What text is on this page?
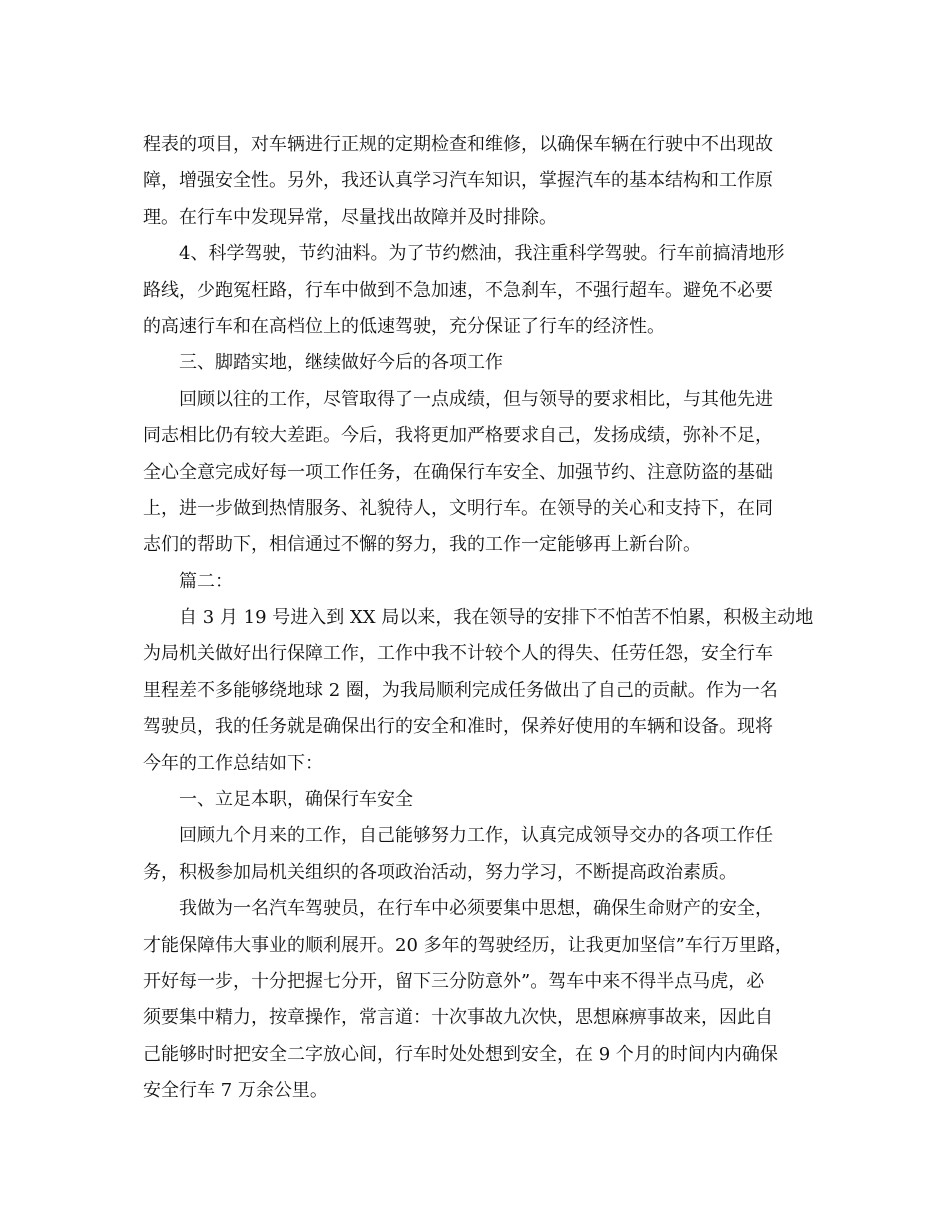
程表的项目，对车辆进行正规的定期检查和维修，以确保车辆在行驶中不出现故
障，增强安全性。另外，我还认真学习汽车知识，掌握汽车的基本结构和工作原
理。在行车中发现异常，尽量找出故障并及时排除。
4、科学驾驶，节约油料。为了节约燃油，我注重科学驾驶。行车前搞清地形
路线，少跑冤枉路，行车中做到不急加速，不急刹车，不强行超车。避免不必要
的高速行车和在高档位上的低速驾驶，充分保证了行车的经济性。
三、脚踏实地，继续做好今后的各项工作
回顾以往的工作，尽管取得了一点成绩，但与领导的要求相比，与其他先进
同志相比仍有较大差距。今后，我将更加严格要求自己，发扬成绩，弥补不足，
全心全意完成好每一项工作任务，在确保行车安全、加强节约、注意防盗的基础
上，进一步做到热情服务、礼貌待人，文明行车。在领导的关心和支持下，在同
志们的帮助下，相信通过不懈的努力，我的工作一定能够再上新台阶。
篇二：
自 3 月 19 号进入到 XX 局以来，我在领导的安排下不怕苦不怕累，积极主动地
为局机关做好出行保障工作，工作中我不计较个人的得失、任劳任怨，安全行车
里程差不多能够绕地球 2 圈，为我局顺利完成任务做出了自己的贡献。作为一名
驾驶员，我的任务就是确保出行的安全和准时，保养好使用的车辆和设备。现将
今年的工作总结如下：
一、立足本职，确保行车安全
回顾九个月来的工作，自己能够努力工作，认真完成领导交办的各项工作任
务，积极参加局机关组织的各项政治活动，努力学习，不断提高政治素质。
我做为一名汽车驾驶员，在行车中必须要集中思想，确保生命财产的安全，
才能保障伟大事业的顺利展开。20 多年的驾驶经历，让我更加坚信”车行万里路，
开好每一步，十分把握七分开，留下三分防意外”。驾车中来不得半点马虎，必
须要集中精力，按章操作，常言道：十次事故九次快，思想麻痹事故来，因此自
己能够时时把安全二字放心间，行车时处处想到安全，在 9 个月的时间内内确保
安全行车 7 万余公里。
